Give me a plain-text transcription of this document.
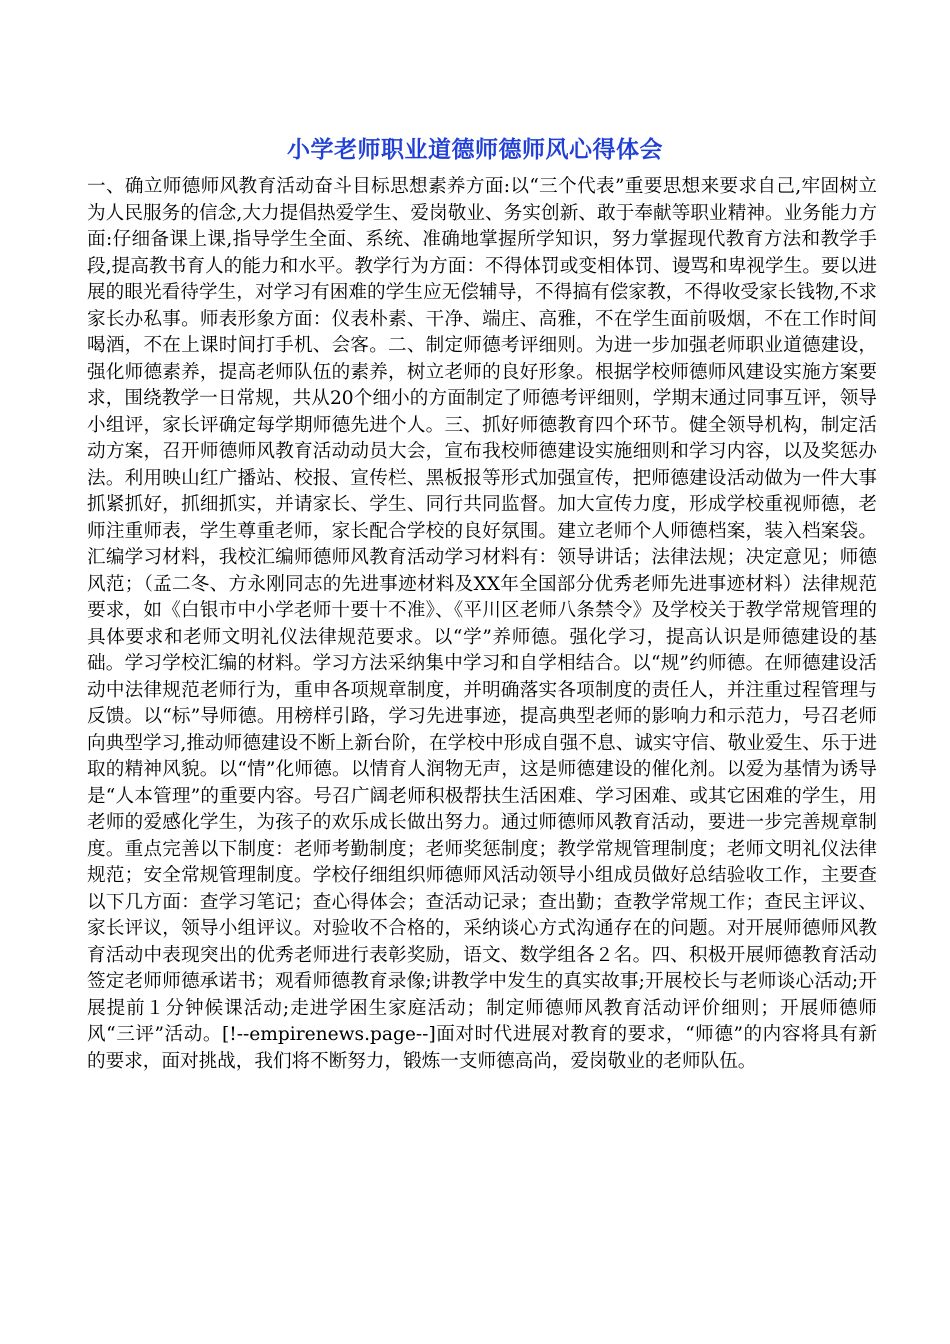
小学老师职业道德师德师风心得体会

一、确立师德师风教育活动奋斗目标思想素养方面:以“三个代表”重要思想来要求自己,牢固树立为人民服务的信念,大力提倡热爱学生、爱岗敬业、务实创新、敢于奉献等职业精神。业务能力方面:仔细备课上课,指导学生全面、系统、准确地掌握所学知识，努力掌握现代教育方法和教学手段,提高教书育人的能力和水平。教学行为方面：不得体罚或变相体罚、谩骂和卑视学生。要以进展的眼光看待学生，对学习有困难的学生应无偿辅导，不得搞有偿家教，不得收受家长钱物,不求家长办私事。师表形象方面：仪表朴素、干净、端庄、高雅，不在学生面前吸烟，不在工作时间喝酒，不在上课时间打手机、会客。二、制定师德考评细则。为进一步加强老师职业道德建设，强化师德素养，提高老师队伍的素养，树立老师的良好形象。根据学校师德师风建设实施方案要求，围绕教学一日常规，共从20个细小的方面制定了师德考评细则，学期末通过同事互评，领导小组评，家长评确定每学期师德先进个人。三、抓好师德教育四个环节。健全领导机构，制定活动方案，召开师德师风教育活动动员大会，宣布我校师德建设实施细则和学习内容，以及奖惩办法。利用映山红广播站、校报、宣传栏、黑板报等形式加强宣传，把师德建设活动做为一件大事抓紧抓好，抓细抓实，并请家长、学生、同行共同监督。加大宣传力度，形成学校重视师德，老师注重师表，学生尊重老师，家长配合学校的良好氛围。建立老师个人师德档案，装入档案袋。汇编学习材料，我校汇编师德师风教育活动学习材料有：领导讲话；法律法规；决定意见；师德风范；（孟二冬、方永刚同志的先进事迹材料及XX年全国部分优秀老师先进事迹材料）法律规范要求，如《白银市中小学老师十要十不准》、《平川区老师八条禁令》及学校关于教学常规管理的具体要求和老师文明礼仪法律规范要求。以“学”养师德。强化学习，提高认识是师德建设的基础。学习学校汇编的材料。学习方法采纳集中学习和自学相结合。以“规”约师德。在师德建设活动中法律规范老师行为，重申各项规章制度，并明确落实各项制度的责任人，并注重过程管理与反馈。以“标”导师德。用榜样引路，学习先进事迹，提高典型老师的影响力和示范力，号召老师向典型学习,推动师德建设不断上新台阶，在学校中形成自强不息、诚实守信、敬业爱生、乐于进取的精神风貌。以“情”化师德。以情育人润物无声，这是师德建设的催化剂。以爱为基情为诱导是“人本管理”的重要内容。号召广阔老师积极帮扶生活困难、学习困难、或其它困难的学生，用老师的爱感化学生，为孩子的欢乐成长做出努力。通过师德师风教育活动，要进一步完善规章制度。重点完善以下制度：老师考勤制度；老师奖惩制度；教学常规管理制度；老师文明礼仪法律规范；安全常规管理制度。学校仔细组织师德师风活动领导小组成员做好总结验收工作，主要查以下几方面：查学习笔记；查心得体会；查活动记录；查出勤；查教学常规工作；查民主评议、家长评议，领导小组评议。对验收不合格的，采纳谈心方式沟通存在的问题。对开展师德师风教育活动中表现突出的优秀老师进行表彰奖励，语文、数学组各２名。四、积极开展师德教育活动签定老师师德承诺书；观看师德教育录像;讲教学中发生的真实故事;开展校长与老师谈心活动;开展提前１分钟候课活动;走进学困生家庭活动；制定师德师风教育活动评价细则；开展师德师风“三评”活动。[!--empirenews.page--]面对时代进展对教育的要求，“师德”的内容将具有新的要求，面对挑战，我们将不断努力，锻炼一支师德高尚，爱岗敬业的老师队伍。
